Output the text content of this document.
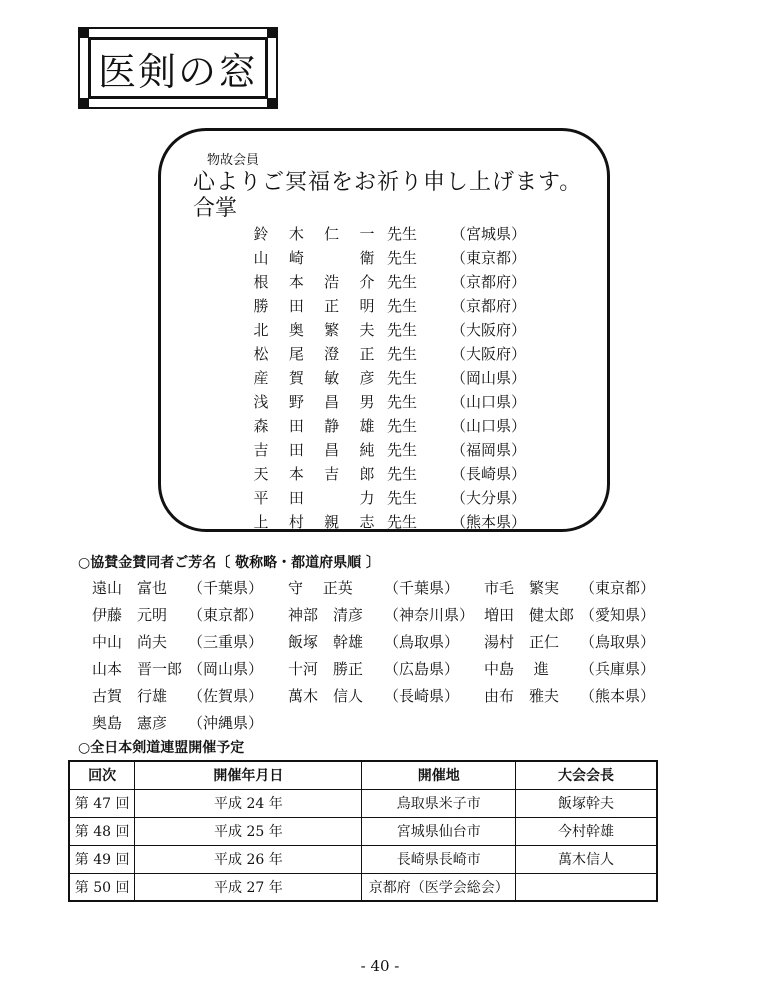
医剣の窓
物故会員
心よりご冥福をお祈り申し上げます。
合掌
鈴 木 仁 一 先生	（宮城県）
山 崎	衛 先生	（東京都）
根 本 浩 介 先生	（京都府）
勝 田 正 明 先生	（京都府）
北 奥 繁 夫 先生	（大阪府）
松 尾 澄 正 先生	（大阪府）
産 賀 敏 彦 先生	（岡山県）
浅 野 昌 男 先生	（山口県）
森 田 静 雄 先生	（山口県）
吉 田 昌 純 先生	（福岡県）
天 本 吉 郎 先生	（長崎県）
平 田	力 先生	（大分県）
上 村 親 志 先生	（熊本県）
○協賛金賛同者ご芳名〔 敬称略・都道府県順 〕
遠山　富也	（千葉県）	守　 正英	（千葉県）	市毛　繁実	（東京都）
伊藤　元明	（東京都）	神部　清彦	（神奈川県） 増田　健太郎 （愛知県）
中山　尚夫	（三重県）	飯塚　幹雄	（鳥取県）	湯村　正仁	（鳥取県）
山本　晋一郎 （岡山県）	十河　勝正	（広島県）	中島　 進	（兵庫県）
古賀　行雄	（佐賀県）	萬木　信人	（長崎県）	由布　雅夫	（熊本県）
奥島　憲彦	（沖縄県）
○全日本剣道連盟開催予定
回次	開催年月日	開催地	大会会長
第 47 回	平成 24 年	鳥取県米子市	飯塚幹夫
第 48 回	平成 25 年	宮城県仙台市	今村幹雄
第 49 回	平成 26 年	長崎県長崎市	萬木信人
第 50 回	平成 27 年	京都府（医学会総会）	
- 40 -
